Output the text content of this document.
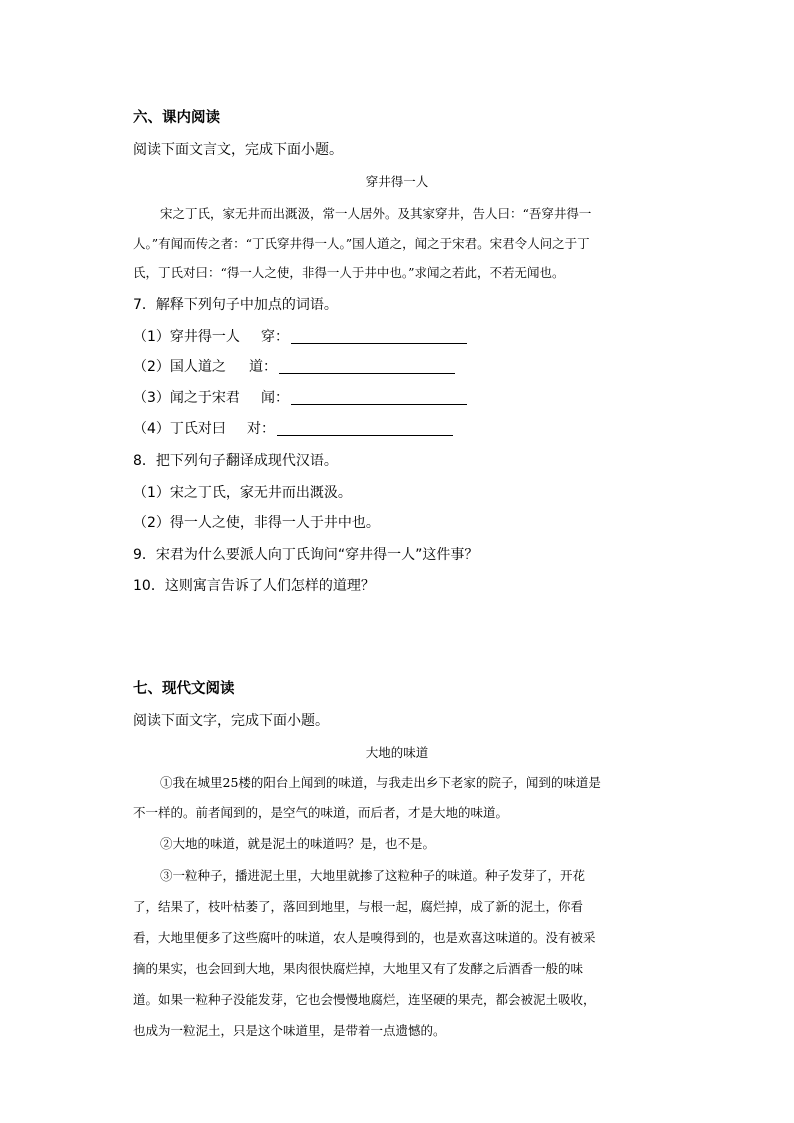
六、课内阅读
阅读下面文言文，完成下面小题。
穿井得一人
宋之丁氏，家无井而出溉汲，常一人居外。及其家穿井，告人曰：“吾穿井得一
人。”有闻而传之者：“丁氏穿井得一人。”国人道之，闻之于宋君。宋君令人问之于丁
氏，丁氏对曰：“得一人之使，非得一人于井中也。”求闻之若此，不若无闻也。
7．解释下列句子中加点的词语。
（1）穿井得一人 穿：
（2）国人道之 道：
（3）闻之于宋君 闻：
（4）丁氏对曰 对：
8．把下列句子翻译成现代汉语。
（1）宋之丁氏，家无井而出溉汲。
（2）得一人之使，非得一人于井中也。
9．宋君为什么要派人向丁氏询问“穿井得一人”这件事？
10．这则寓言告诉了人们怎样的道理？
七、现代文阅读
阅读下面文字，完成下面小题。
大地的味道
①我在城里25楼的阳台上闻到的味道，与我走出乡下老家的院子，闻到的味道是
不一样的。前者闻到的，是空气的味道，而后者，才是大地的味道。
②大地的味道，就是泥土的味道吗？是，也不是。
③一粒种子，播进泥土里，大地里就掺了这粒种子的味道。种子发芽了，开花
了，结果了，枝叶枯萎了，落回到地里，与根一起，腐烂掉，成了新的泥土，你看
看，大地里便多了这些腐叶的味道，农人是嗅得到的，也是欢喜这味道的。没有被采
摘的果实，也会回到大地，果肉很快腐烂掉，大地里又有了发酵之后酒香一般的味
道。如果一粒种子没能发芽，它也会慢慢地腐烂，连坚硬的果壳，都会被泥土吸收，
也成为一粒泥土，只是这个味道里，是带着一点遗憾的。
